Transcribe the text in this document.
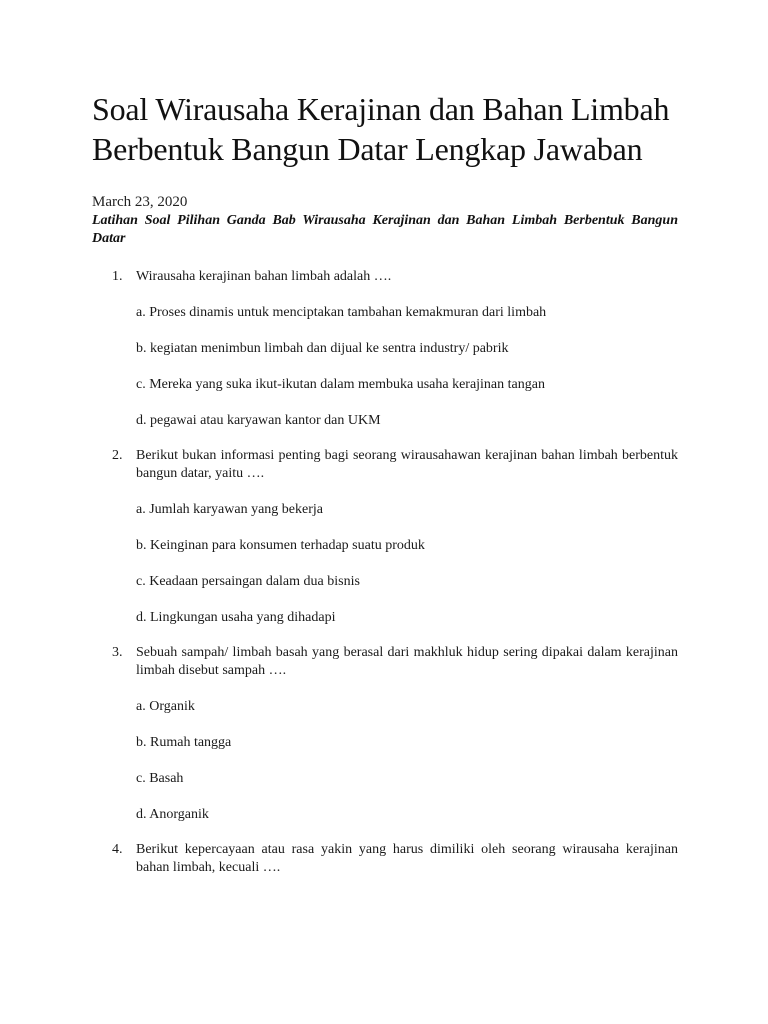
Soal Wirausaha Kerajinan dan Bahan Limbah Berbentuk Bangun Datar Lengkap Jawaban
March 23, 2020
Latihan Soal Pilihan Ganda Bab Wirausaha Kerajinan dan Bahan Limbah Berbentuk Bangun Datar
1. Wirausaha kerajinan bahan limbah adalah ….
a. Proses dinamis untuk menciptakan tambahan kemakmuran dari limbah
b. kegiatan menimbun limbah dan dijual ke sentra industry/ pabrik
c. Mereka yang suka ikut-ikutan dalam membuka usaha kerajinan tangan
d. pegawai atau karyawan kantor dan UKM
2. Berikut bukan informasi penting bagi seorang wirausahawan kerajinan bahan limbah berbentuk bangun datar, yaitu ….
a. Jumlah karyawan yang bekerja
b. Keinginan para konsumen terhadap suatu produk
c. Keadaan persaingan dalam dua bisnis
d. Lingkungan usaha yang dihadapi
3. Sebuah sampah/ limbah basah yang berasal dari makhluk hidup sering dipakai dalam kerajinan limbah disebut sampah ….
a. Organik
b. Rumah tangga
c. Basah
d. Anorganik
4. Berikut kepercayaan atau rasa yakin yang harus dimiliki oleh seorang wirausaha kerajinan bahan limbah, kecuali ….
